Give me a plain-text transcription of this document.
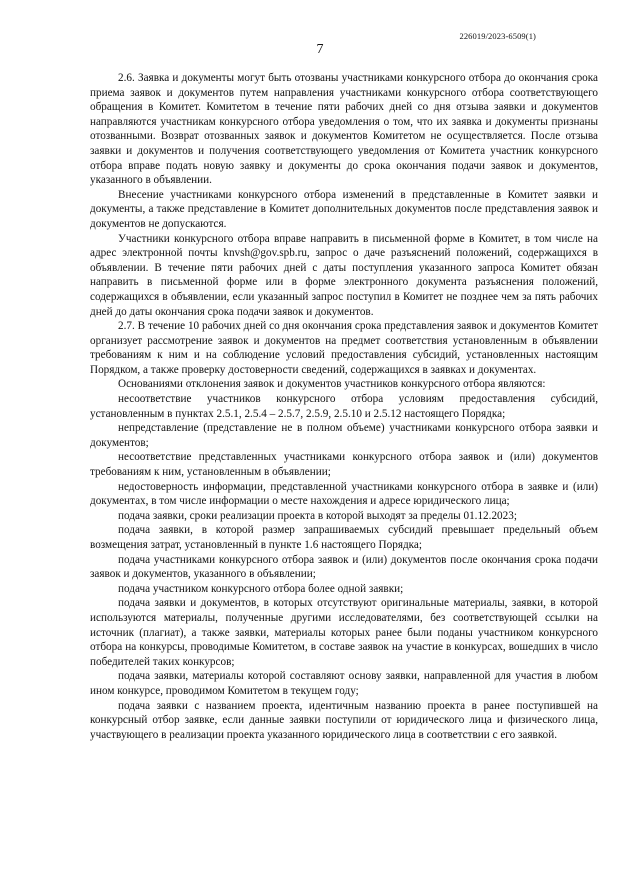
226019/2023-6509(1)
7

2.6. Заявка и документы могут быть отозваны участниками конкурсного отбора до окончания срока приема заявок и документов путем направления участниками конкурсного отбора соответствующего обращения в Комитет. Комитетом в течение пяти рабочих дней со дня отзыва заявки и документов направляются участникам конкурсного отбора уведомления о том, что их заявка и документы признаны отозванными. Возврат отозванных заявок и документов Комитетом не осуществляется. После отзыва заявки и документов и получения соответствующего уведомления от Комитета участник конкурсного отбора вправе подать новую заявку и документы до срока окончания подачи заявок и документов, указанного в объявлении.

Внесение участниками конкурсного отбора изменений в представленные в Комитет заявки и документы, а также представление в Комитет дополнительных документов после представления заявок и документов не допускаются.

Участники конкурсного отбора вправе направить в письменной форме в Комитет, в том числе на адрес электронной почты knvsh@gov.spb.ru, запрос о даче разъяснений положений, содержащихся в объявлении. В течение пяти рабочих дней с даты поступления указанного запроса Комитет обязан направить в письменной форме или в форме электронного документа разъяснения положений, содержащихся в объявлении, если указанный запрос поступил в Комитет не позднее чем за пять рабочих дней до даты окончания срока подачи заявок и документов.

2.7. В течение 10 рабочих дней со дня окончания срока представления заявок и документов Комитет организует рассмотрение заявок и документов на предмет соответствия установленным в объявлении требованиям к ним и на соблюдение условий предоставления субсидий, установленных настоящим Порядком, а также проверку достоверности сведений, содержащихся в заявках и документах.

Основаниями отклонения заявок и документов участников конкурсного отбора являются:

несоответствие участников конкурсного отбора условиям предоставления субсидий, установленным в пунктах 2.5.1, 2.5.4 – 2.5.7, 2.5.9, 2.5.10 и 2.5.12 настоящего Порядка;

непредставление (представление не в полном объеме) участниками конкурсного отбора заявки и документов;

несоответствие представленных участниками конкурсного отбора заявок и (или) документов требованиям к ним, установленным в объявлении;

недостоверность информации, представленной участниками конкурсного отбора в заявке и (или) документах, в том числе информации о месте нахождения и адресе юридического лица;

подача заявки, сроки реализации проекта в которой выходят за пределы 01.12.2023;

подача заявки, в которой размер запрашиваемых субсидий превышает предельный объем возмещения затрат, установленный в пункте 1.6 настоящего Порядка;

подача участниками конкурсного отбора заявок и (или) документов после окончания срока подачи заявок и документов, указанного в объявлении;

подача участником конкурсного отбора более одной заявки;

подача заявки и документов, в которых отсутствуют оригинальные материалы, заявки, в которой используются материалы, полученные другими исследователями, без соответствующей ссылки на источник (плагиат), а также заявки, материалы которых ранее были поданы участником конкурсного отбора на конкурсы, проводимые Комитетом, в составе заявок на участие в конкурсах, вошедших в число победителей таких конкурсов;

подача заявки, материалы которой составляют основу заявки, направленной для участия в любом ином конкурсе, проводимом Комитетом в текущем году;

подача заявки с названием проекта, идентичным названию проекта в ранее поступившей на конкурсный отбор заявке, если данные заявки поступили от юридического лица и физического лица, участвующего в реализации проекта указанного юридического лица в соответствии с его заявкой.
